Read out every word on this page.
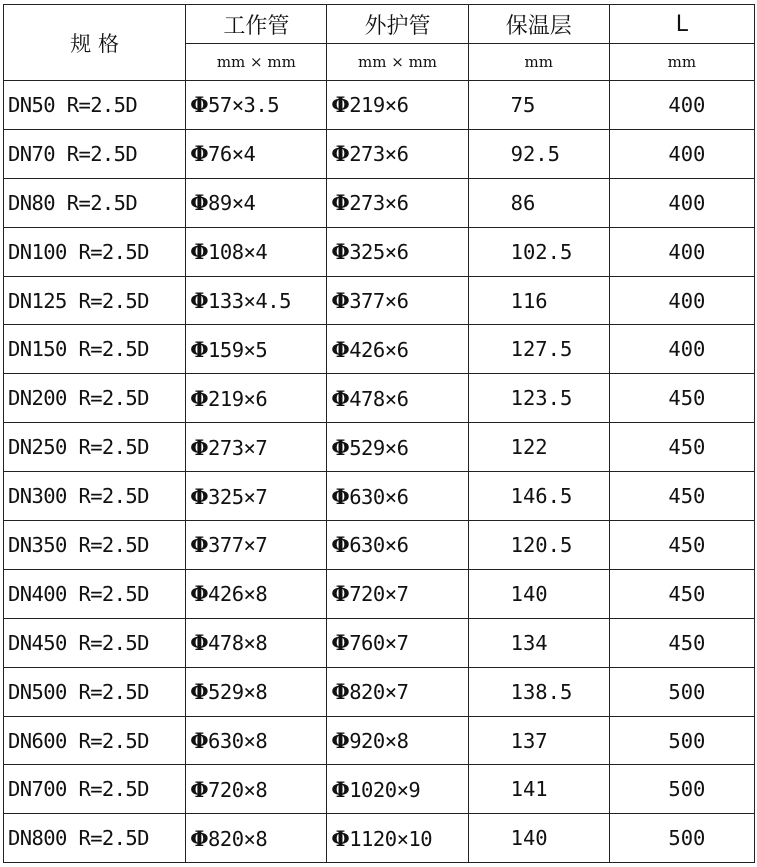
规 格	工作管	外护管	保温层	L
	mm × mm	mm × mm	mm	mm
DN50 R=2.5D	Φ57×3.5	Φ219×6	75	400
DN70 R=2.5D	Φ76×4	Φ273×6	92.5	400
DN80 R=2.5D	Φ89×4	Φ273×6	86	400
DN100 R=2.5D	Φ108×4	Φ325×6	102.5	400
DN125 R=2.5D	Φ133×4.5	Φ377×6	116	400
DN150 R=2.5D	Φ159×5	Φ426×6	127.5	400
DN200 R=2.5D	Φ219×6	Φ478×6	123.5	450
DN250 R=2.5D	Φ273×7	Φ529×6	122	450
DN300 R=2.5D	Φ325×7	Φ630×6	146.5	450
DN350 R=2.5D	Φ377×7	Φ630×6	120.5	450
DN400 R=2.5D	Φ426×8	Φ720×7	140	450
DN450 R=2.5D	Φ478×8	Φ760×7	134	450
DN500 R=2.5D	Φ529×8	Φ820×7	138.5	500
DN600 R=2.5D	Φ630×8	Φ920×8	137	500
DN700 R=2.5D	Φ720×8	Φ1020×9	141	500
DN800 R=2.5D	Φ820×8	Φ1120×10	140	500
